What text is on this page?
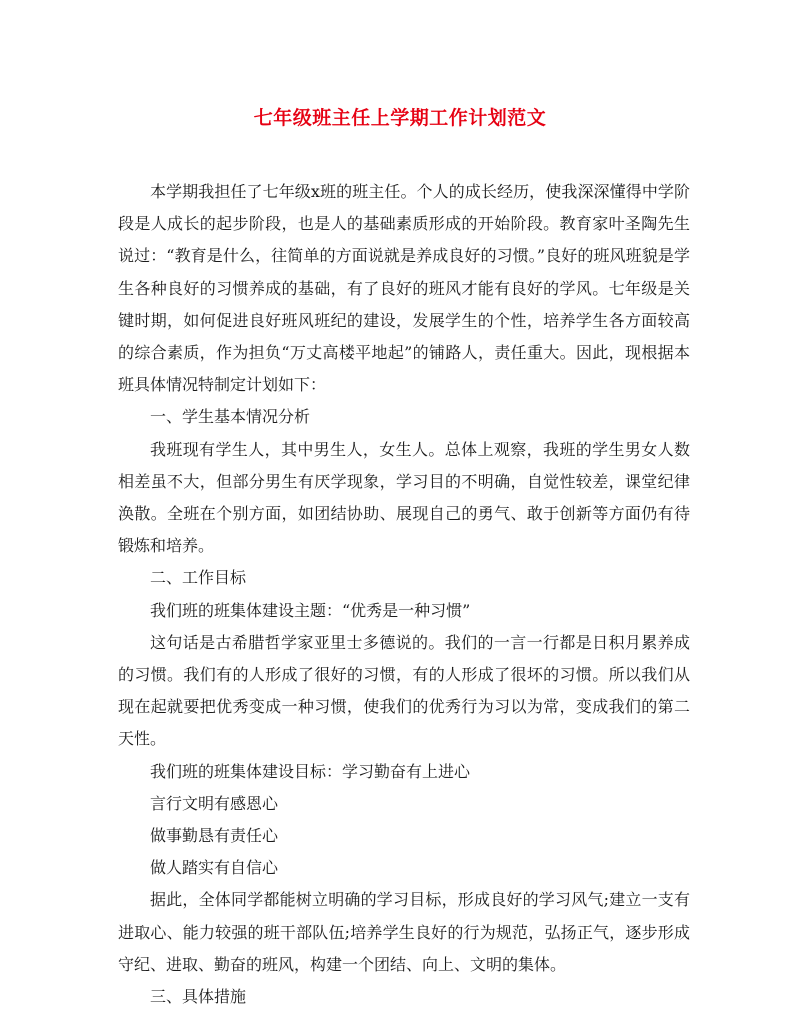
七年级班主任上学期工作计划范文

本学期我担任了七年级x班的班主任。个人的成长经历，使我深深懂得中学阶段是人成长的起步阶段，也是人的基础素质形成的开始阶段。教育家叶圣陶先生说过：“教育是什么，往简单的方面说就是养成良好的习惯。”良好的班风班貌是学生各种良好的习惯养成的基础，有了良好的班风才能有良好的学风。七年级是关键时期，如何促进良好班风班纪的建设，发展学生的个性，培养学生各方面较高的综合素质，作为担负“万丈高楼平地起”的铺路人，责任重大。因此，现根据本班具体情况特制定计划如下：

一、学生基本情况分析

我班现有学生人，其中男生人，女生人。总体上观察，我班的学生男女人数相差虽不大，但部分男生有厌学现象，学习目的不明确，自觉性较差，课堂纪律涣散。全班在个别方面，如团结协助、展现自己的勇气、敢于创新等方面仍有待锻炼和培养。

二、工作目标

我们班的班集体建设主题：“优秀是一种习惯”

这句话是古希腊哲学家亚里士多德说的。我们的一言一行都是日积月累养成的习惯。我们有的人形成了很好的习惯，有的人形成了很坏的习惯。所以我们从现在起就要把优秀变成一种习惯，使我们的优秀行为习以为常，变成我们的第二天性。

我们班的班集体建设目标：学习勤奋有上进心

言行文明有感恩心

做事勤恳有责任心

做人踏实有自信心

据此，全体同学都能树立明确的学习目标，形成良好的学习风气;建立一支有进取心、能力较强的班干部队伍;培养学生良好的行为规范，弘扬正气，逐步形成守纪、进取、勤奋的班风，构建一个团结、向上、文明的集体。

三、具体措施
